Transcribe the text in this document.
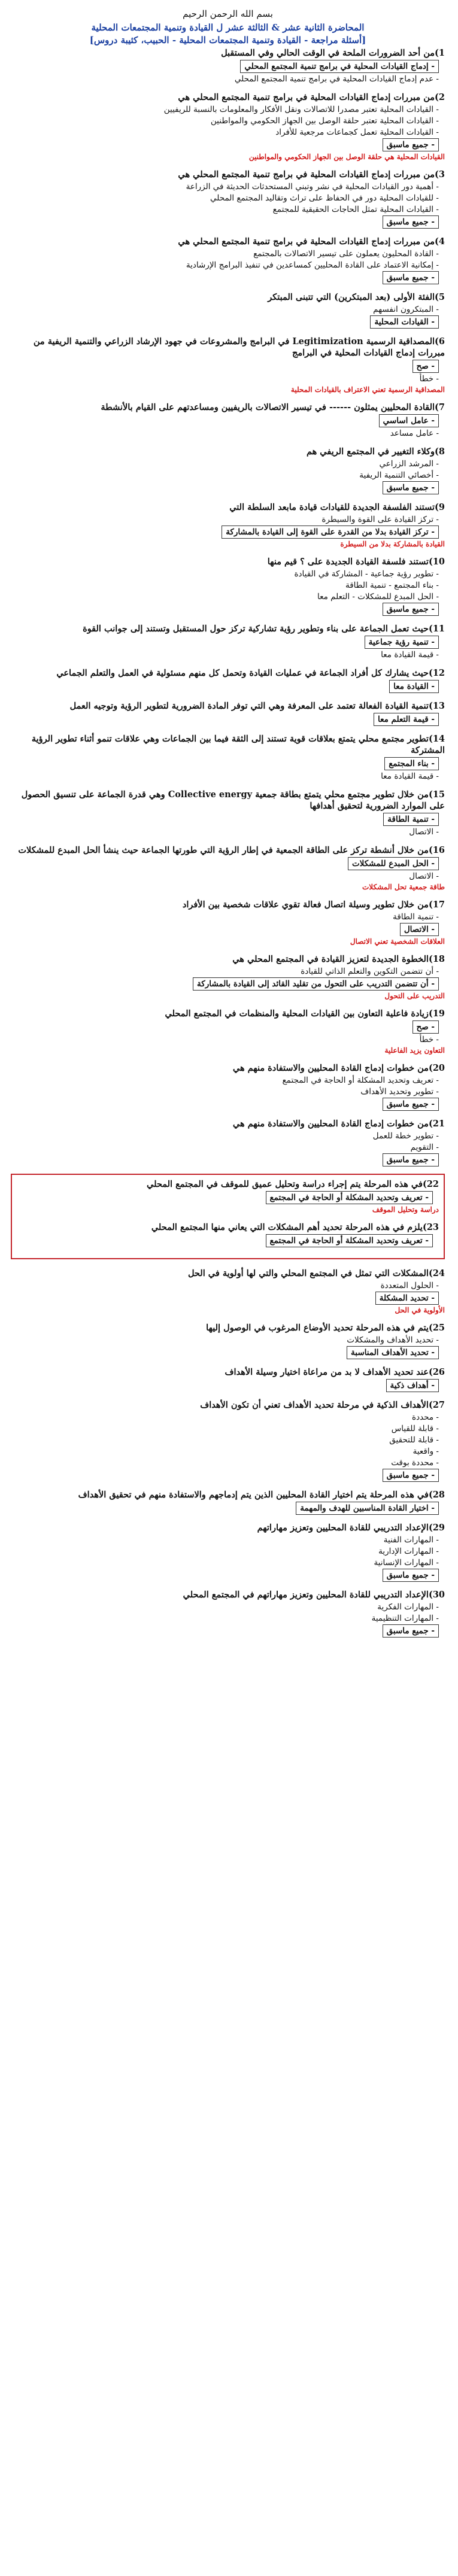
بسم الله الرحمن الرحيم
المحاضرة الثانية عشر & الثالثة عشر ل القيادة وتنمية المجتمعات المحلية
[أسئلة مراجعة - القيادة وتنمية المجتمعات المحلية - الحبيب، كثيبة دروس]
1)من أحد الضرورات الملحة في الوقت الحالي وفي المستقبل
- إدماج القيادات المحلية في برامج تنمية المجتمع المحلي
- عدم إدماج القيادات المحلية في برامج تنمية المجتمع المحلي
2)من مبررات إدماج القيادات المحلية في برامج تنمية المجتمع المحلي هي
- القيادات المحلية تعتبر مصدرا للاتصالات ونقل الأفكار والمعلومات بالنسبة للريفيين
- القيادات المحلية تعتبر حلقة الوصل بين الجهاز الحكومي والمواطنين
- القيادات المحلية تعمل كجماعات مرجعية للأفراد
- جميع ماسبق
القيادات المحلية هي حلقة الوصل بين الجهاز الحكومي والمواطنين
3)من مبررات إدماج القيادات المحلية في برامج تنمية المجتمع المحلي هي
- أهمية دور القيادات المحلية في نشر وتبني المستحدثات الحديثة في الزراعة
- للقيادات المحلية دور في الحفاظ على تراث وتقاليد المجتمع المحلي
- القيادات المحلية تمثل الحاجات الحقيقية للمجتمع
- جميع ماسبق
4)من مبررات إدماج القيادات المحلية في برامج تنمية المجتمع المحلي هي
- القادة المحليون يعملون على تيسير الاتصالات بالمجتمع
- إمكانية الاعتماد على القادة المحليين كمساعدين في تنفيذ البرامج الإرشادية
- جميع ماسبق
5)الفئة الأولى (بعد المبتكرين) التي تتبنى المبتكر
- المبتكرون انفسهم
- القيادات المحلية
6)المصداقية الرسمية Legitimization في البرامج والمشروعات في جهود الإرشاد الزراعي والتنمية الريفية من مبررات إدماج القيادات المحلية في البرامج
- صح
- خطأ
المصداقية الرسمية تعني الاعتراف بالقيادات المحلية
7)القادة المحليين يمثلون ------ في تيسير الاتصالات بالريفيين ومساعدتهم على القيام بالأنشطة
- عامل اساسي
- عامل مساعد
8)وكلاء التغيير في المجتمع الريفي هم
- المرشد الزراعي
- أخصائي التنمية الريفية
- جميع ماسبق
9)تستند الفلسفة الجديدة للقيادات قيادة مابعد السلطة التي
- تركز القيادة على القوة والسيطرة
- تركز القيادة بدلا من القدرة على القوة إلى القيادة بالمشاركة
القيادة بالمشاركة بدلا من السيطرة
10)تستند فلسفة القيادة الجديدة على ؟ قيم منها
- تطوير رؤية جماعية - المشاركة في القيادة
- بناء المجتمع - تنمية الطاقة
- الحل المبدع للمشكلات - التعلم معا
- جميع ماسبق
11)حيث تعمل الجماعة على بناء وتطوير رؤية تشاركية تركز حول المستقبل وتستند إلى جوانب القوة
- تنمية رؤية جماعية
- قيمة القيادة معا
12)حيث يشارك كل أفراد الجماعة في عمليات القيادة وتحمل كل منهم مسئولية في العمل والتعلم الجماعي
- القيادة معا
13)تنمية القيادة الفعالة تعتمد على المعرفة وهي التي توفر المادة الضرورية لتطوير الرؤية وتوجيه العمل
- قيمة التعلم معا
14)تطوير مجتمع محلي يتمتع بعلاقات قوية تستند إلى الثقة فيما بين الجماعات وهي علاقات تنمو أثناء تطوير الرؤية المشتركة
- بناء المجتمع
- قيمة القيادة معا
15)من خلال تطوير مجتمع محلي يتمتع بطاقة جمعية Collective energy وهي قدرة الجماعة على تنسيق الحصول على الموارد الضرورية لتحقيق أهدافها
- تنمية الطاقة
- الاتصال
16)من خلال أنشطة تركز على الطاقة الجمعية في إطار الرؤية التي طورتها الجماعة حيث ينشأ الحل المبدع للمشكلات
- الحل المبدع للمشكلات
- الاتصال
طاقة جمعية تحل المشكلات
17)من خلال تطوير وسيلة اتصال فعالة تقوي علاقات شخصية بين الأفراد
- تنمية الطاقة
- الاتصال
العلاقات الشخصية تعني الاتصال
18)الخطوة الجديدة لتعزيز القيادة في المجتمع المحلي هي
- أن تتضمن التكوين والتعلم الذاتي للقيادة
- أن تتضمن التدريب على التحول من تقليد القائد إلى القيادة بالمشاركة
التدريب على التحول
19)زيادة فاعلية التعاون بين القيادات المحلية والمنظمات في المجتمع المحلي
- صح
- خطأ
التعاون يزيد الفاعلية
20)من خطوات إدماج القادة المحليين والاستفادة منهم هي
- تعريف وتحديد المشكلة أو الحاجة في المجتمع
- تطوير وتحديد الأهداف
- جميع ماسبق
21)من خطوات إدماج القادة المحليين والاستفادة منهم هي
- تطوير خطة للعمل
- التقويم
- جميع ماسبق
22)في هذه المرحلة يتم إجراء دراسة وتحليل عميق للموقف في المجتمع المحلي
- تعريف وتحديد المشكلة أو الحاجة في المجتمع
دراسة وتحليل الموقف
23)يلزم في هذه المرحلة تحديد أهم المشكلات التي يعاني منها المجتمع المحلي
- تعريف وتحديد المشكلة أو الحاجة في المجتمع
24)المشكلات التي تمثل في المجتمع المحلي والتي لها أولوية في الحل
- الحلول المتعددة
- تحديد المشكلة
الأولوية في الحل
25)يتم في هذه المرحلة تحديد الأوضاع المرغوب في الوصول إليها
- تحديد الأهداف والمشكلات
- تحديد الأهداف المناسبة
26)عند تحديد الأهداف لا بد من مراعاة اختيار وسيلة الأهداف
- أهداف ذكية
27)الأهداف الذكية في مرحلة تحديد الأهداف تعني أن تكون الأهداف
- محددة
- قابلة للقياس
- قابلة للتحقيق
- واقعية
- محددة بوقت
- جميع ماسبق
28)في هذه المرحلة يتم اختيار القادة المحليين الذين يتم إدماجهم والاستفادة منهم في تحقيق الأهداف
- اختيار القادة المناسبين للهدف والمهمة
29)الإعداد التدريبي للقادة المحليين وتعزيز مهاراتهم
- المهارات الفنية
- المهارات الإدارية
- المهارات الإنسانية
- جميع ماسبق
30)الإعداد التدريبي للقادة المحليين وتعزيز مهاراتهم في المجتمع المحلي
- المهارات الفكرية
- المهارات التنظيمية
- جميع ماسبق
